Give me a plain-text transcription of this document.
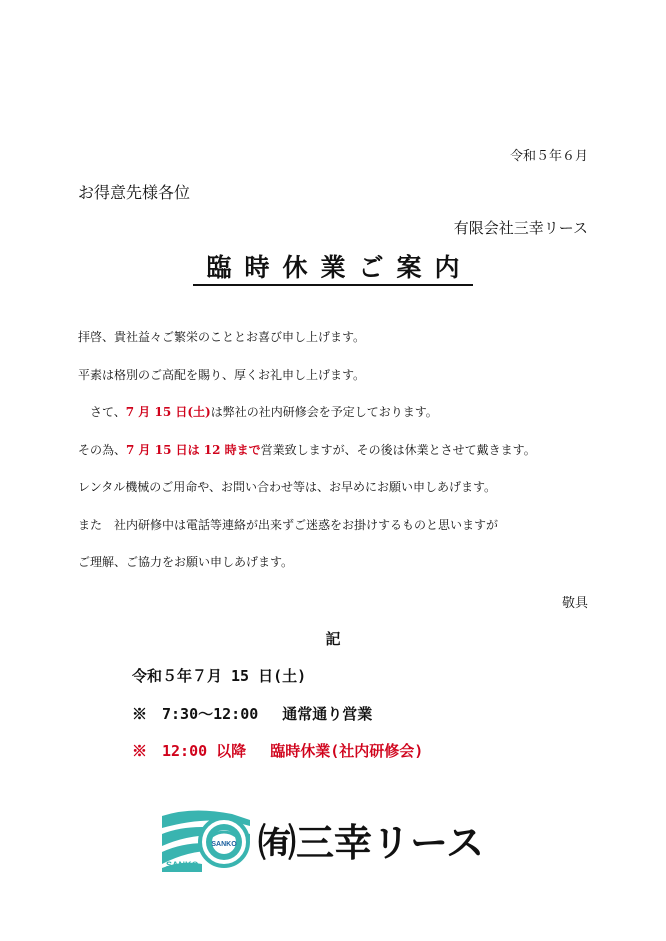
令和５年６月
お得意先様各位
有限会社三幸リース
臨時休業ご案内
拝啓、貴社益々ご繁栄のこととお喜び申し上げます。
平素は格別のご高配を賜り、厚くお礼申し上げます。
　さて、7 月 15 日(土)は弊社の社内研修会を予定しております。
その為、7 月 15 日は 12 時まで営業致しますが、その後は休業とさせて戴きます。
レンタル機械のご用命や、お問い合わせ等は、お早めにお願い申しあげます。
また　社内研修中は電話等連絡が出来ずご迷惑をお掛けするものと思いますが
ご理解、ご協力をお願い申しあげます。
敬具
記
令和５年７月 15 日(土)
※　7:30〜12:00　 通常通り営業
※　12:00 以降　 臨時休業(社内研修会)
SANKO
SANKO ㈲三幸リース
